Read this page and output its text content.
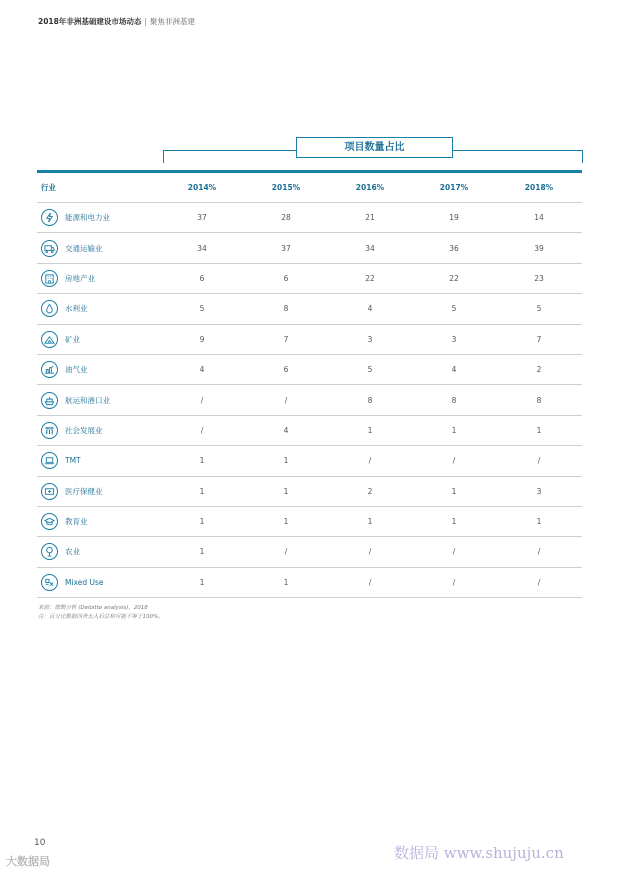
2018年非洲基础建设市场动态 | 聚焦非洲基建
项目数量占比
行业	2014%	2015%	2016%	2017%	2018%

能源和电力业	37	28	21	19	14

交通运输业	34	37	34	36	39

房地产业	6	6	22	22	23

水利业	5	8	4	5	5

矿业	9	7	3	3	7

油气业	4	6	5	4	2

航运和港口业	/	/	8	8	8

社会发展业	/	4	1	1	1

TMT	1	1	/	/	/

医疗保健业	1	1	2	1	3

教育业	1	1	1	1	1

农业	1	/	/	/	/

Mixed Use	1	1	/	/	/
来源：德勤分析 (Deloitte analysis)，2018
注：百分比数据四舍五入后总和可能不等于100%。
10
大数据局	数据局 www.shujuju.cn
